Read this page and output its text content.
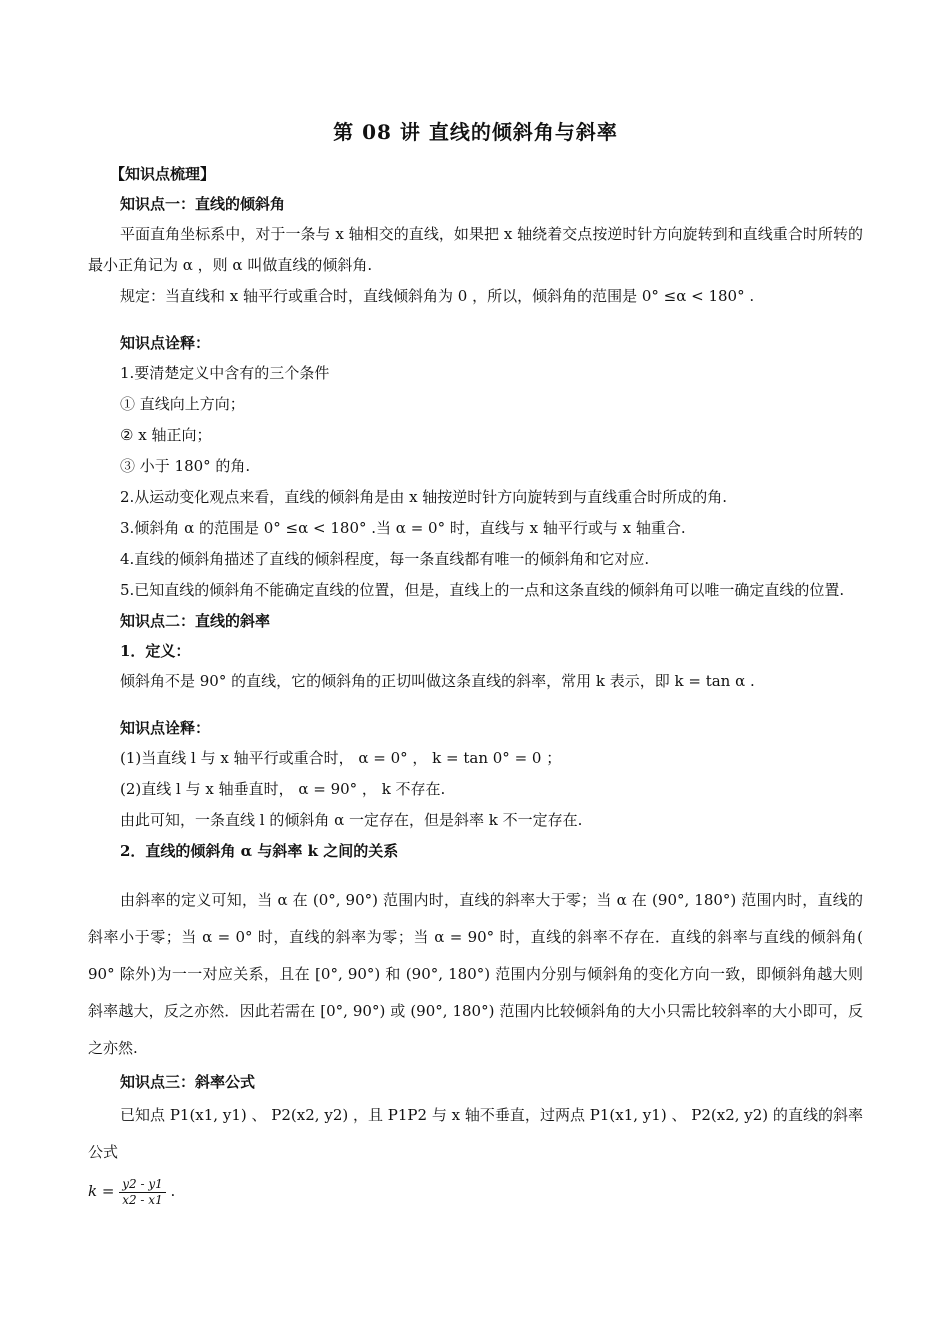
第 08 讲 直线的倾斜角与斜率

【知识点梳理】

知识点一：直线的倾斜角

平面直角坐标系中，对于一条与 x 轴相交的直线，如果把 x 轴绕着交点按逆时针方向旋转到和直线重合时所转的最小正角记为 α ，则 α 叫做直线的倾斜角.

规定：当直线和 x 轴平行或重合时，直线倾斜角为 0 ，所以，倾斜角的范围是 0° ≤α < 180° .

知识点诠释：

1.要清楚定义中含有的三个条件

① 直线向上方向；

② x 轴正向；

③ 小于 180° 的角.

2.从运动变化观点来看，直线的倾斜角是由 x 轴按逆时针方向旋转到与直线重合时所成的角.

3.倾斜角 α 的范围是 0° ≤α < 180° .当 α = 0° 时，直线与 x 轴平行或与 x 轴重合.

4.直线的倾斜角描述了直线的倾斜程度，每一条直线都有唯一的倾斜角和它对应.

5.已知直线的倾斜角不能确定直线的位置，但是，直线上的一点和这条直线的倾斜角可以唯一确定直线的位置.

知识点二：直线的斜率

1．定义：

倾斜角不是 90° 的直线，它的倾斜角的正切叫做这条直线的斜率，常用 k 表示，即 k = tan α .

知识点诠释：

(1)当直线 l 与 x 轴平行或重合时， α = 0° ， k = tan 0° = 0 ；

(2)直线 l 与 x 轴垂直时， α = 90° ， k 不存在.

由此可知，一条直线 l 的倾斜角 α 一定存在，但是斜率 k 不一定存在.

2．直线的倾斜角 α 与斜率 k 之间的关系

由斜率的定义可知，当 α 在 (0°, 90°) 范围内时，直线的斜率大于零；当 α 在 (90°, 180°) 范围内时，直线的斜率小于零；当 α = 0° 时，直线的斜率为零；当 α = 90° 时，直线的斜率不存在．直线的斜率与直线的倾斜角( 90° 除外)为一一对应关系，且在 [0°, 90°) 和 (90°, 180°) 范围内分别与倾斜角的变化方向一致，即倾斜角越大则斜率越大，反之亦然．因此若需在 [0°, 90°) 或 (90°, 180°) 范围内比较倾斜角的大小只需比较斜率的大小即可，反之亦然.

知识点三：斜率公式

已知点 P1(x1, y1) 、 P2(x2, y2) ，且 P1P2 与 x 轴不垂直，过两点 P1(x1, y1) 、 P2(x2, y2) 的直线的斜率公式

$k = \frac{y2 - y1}{x2 - x1}$ .
